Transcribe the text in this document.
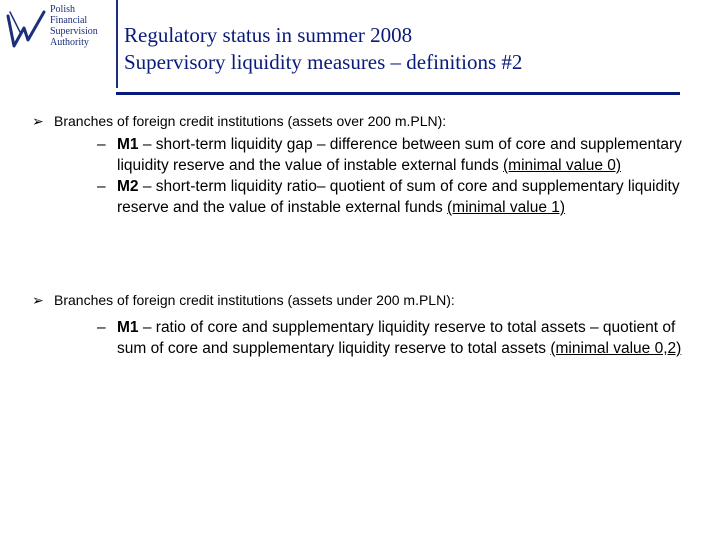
Polish
Financial
Supervision
Authority	Regulatory status in summer 2008
Supervisory liquidity measures – definitions #2
➢ Branches of foreign credit institutions (assets over 200 m.PLN):
– M1 – short-term liquidity gap – difference between sum of core and supplementary liquidity reserve and the value of instable external funds (minimal value 0)
– M2 – short-term liquidity ratio– quotient of sum of core and supplementary liquidity reserve and the value of instable external funds (minimal value 1)
➢ Branches of foreign credit institutions (assets under 200 m.PLN):
– M1 – ratio of core and supplementary liquidity reserve to total assets – quotient of sum of core and supplementary liquidity reserve to total assets (minimal value 0,2)
